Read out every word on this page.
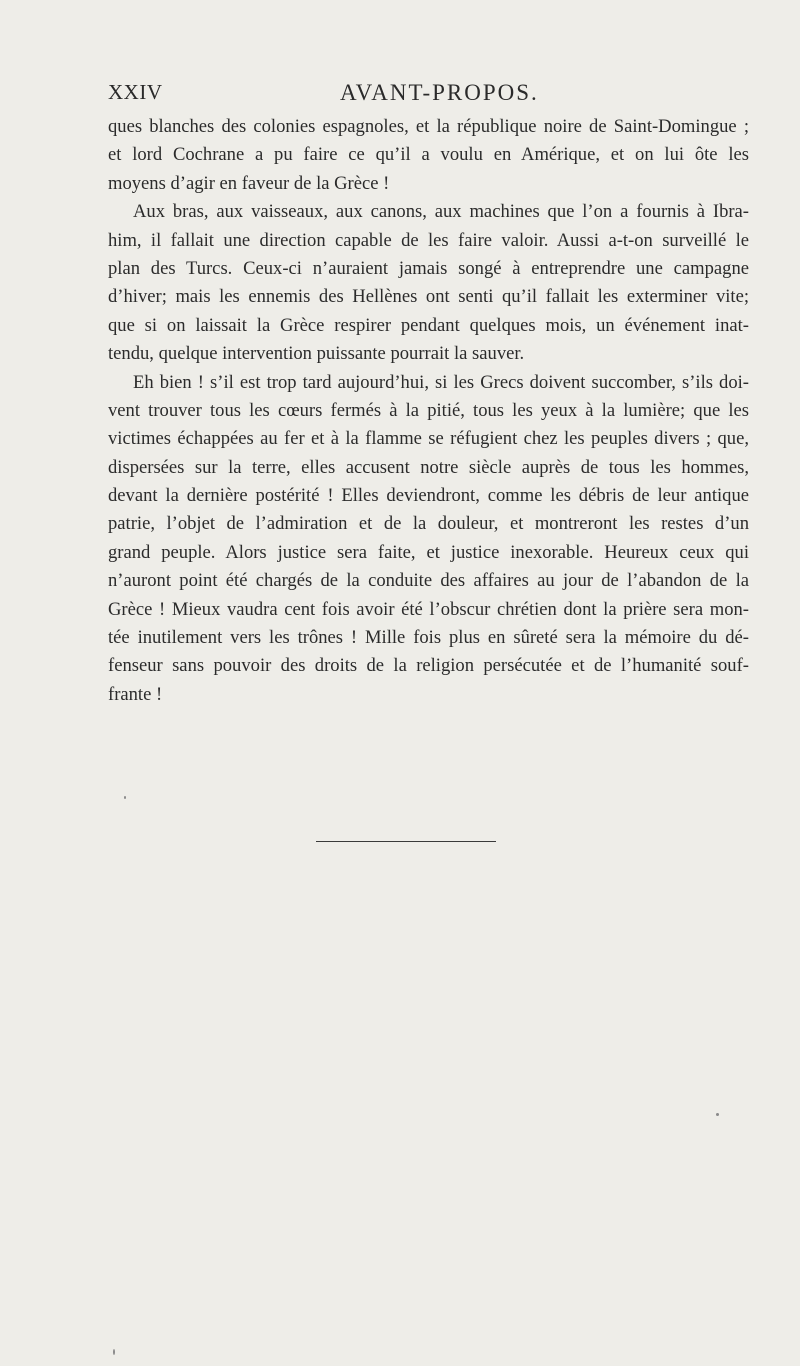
XXIV	AVANT-PROPOS.
ques blanches des colonies espagnoles, et la république noire de Saint-Domingue ;
et lord Cochrane a pu faire ce qu’il a voulu en Amérique, et on lui ôte les
moyens d’agir en faveur de la Grèce !
Aux bras, aux vaisseaux, aux canons, aux machines que l’on a fournis à Ibra-
him, il fallait une direction capable de les faire valoir. Aussi a-t-on surveillé le
plan des Turcs. Ceux-ci n’auraient jamais songé à entreprendre une campagne
d’hiver; mais les ennemis des Hellènes ont senti qu’il fallait les exterminer vite;
que si on laissait la Grèce respirer pendant quelques mois, un événement inat-
tendu, quelque intervention puissante pourrait la sauver.
Eh bien ! s’il est trop tard aujourd’hui, si les Grecs doivent succomber, s’ils doi-
vent trouver tous les cœurs fermés à la pitié, tous les yeux à la lumière; que les
victimes échappées au fer et à la flamme se réfugient chez les peuples divers ; que,
dispersées sur la terre, elles accusent notre siècle auprès de tous les hommes,
devant la dernière postérité ! Elles deviendront, comme les débris de leur antique
patrie, l’objet de l’admiration et de la douleur, et montreront les restes d’un
grand peuple. Alors justice sera faite, et justice inexorable. Heureux ceux qui
n’auront point été chargés de la conduite des affaires au jour de l’abandon de la
Grèce ! Mieux vaudra cent fois avoir été l’obscur chrétien dont la prière sera mon-
tée inutilement vers les trônes ! Mille fois plus en sûreté sera la mémoire du dé-
fenseur sans pouvoir des droits de la religion persécutée et de l’humanité souf-
frante !
